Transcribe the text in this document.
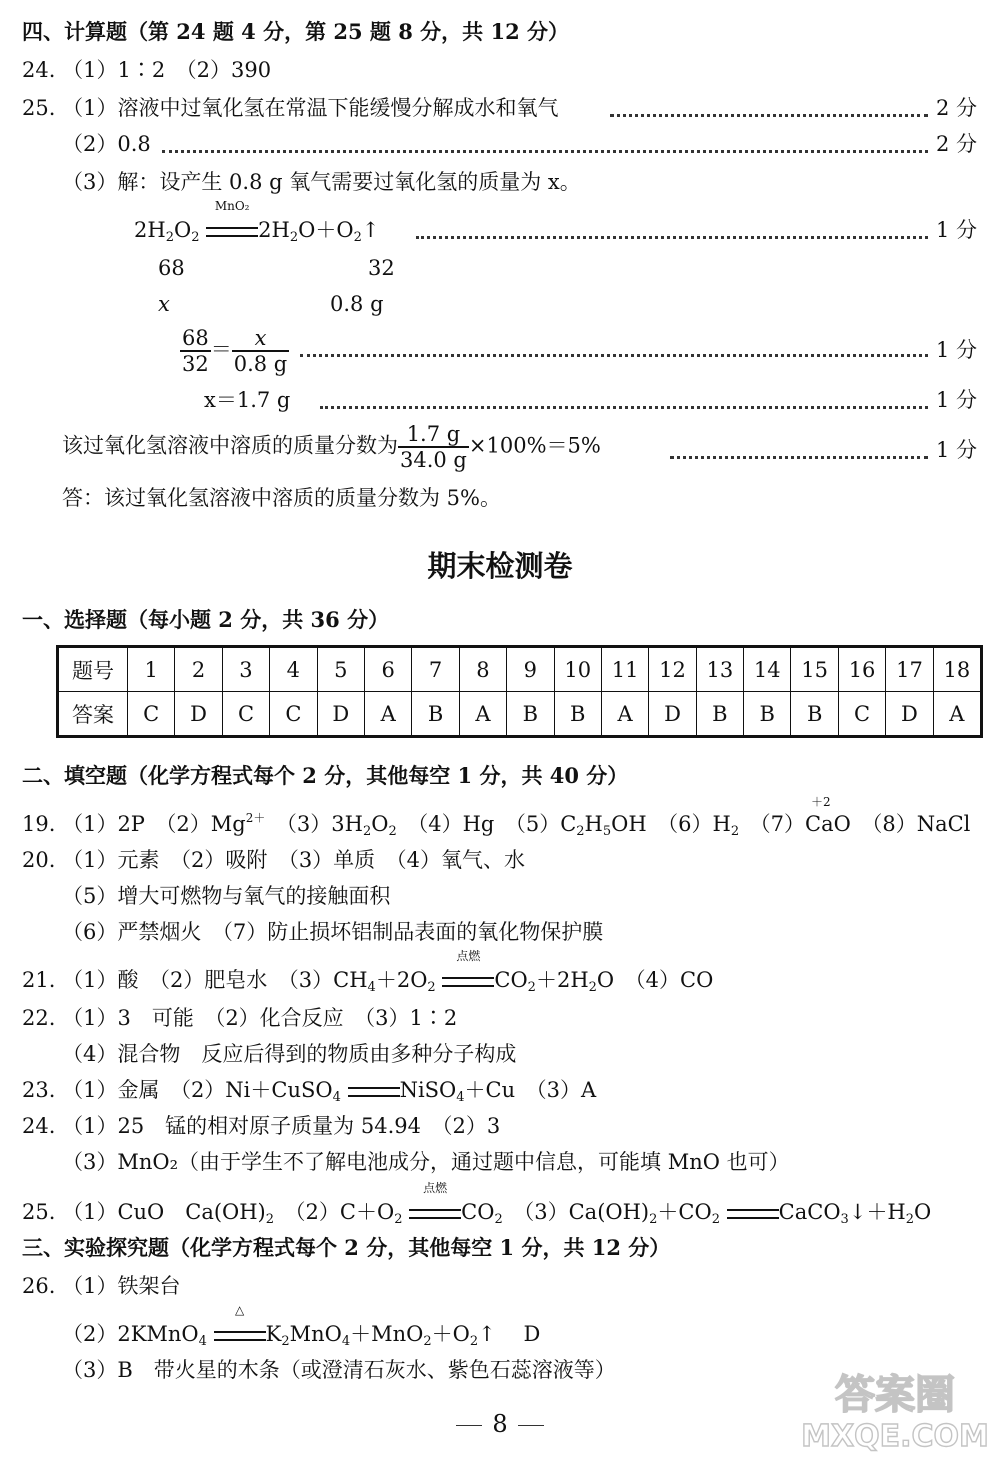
四、计算题（第 24 题 4 分，第 25 题 8 分，共 12 分）
24. （1）1∶2　（2）390
25. （1）溶液中过氧化氢在常温下能缓慢分解成水和氧气	2 分
（2）0.8	2 分
（3）解：设产生 0.8 g 氧气需要过氧化氢的质量为 x。
$2H_2O_2$
MnO₂
$2H_2O+O_2↑$	1 分
68	32
x	0.8 g
$\frac{68}{32} = \frac{x}{0.8 g}$	1 分
x＝1.7 g	1 分
该过氧化氢溶液中溶质的质量分数为 $\frac{1.7 g}{34.0 g} \times 100\%=5\%$	1 分
答：该过氧化氢溶液中溶质的质量分数为 5%。
期末检测卷
一、选择题（每小题 2 分，共 36 分）
题号	1	2	3	4	5	6	7	8	9	10	11	12	13	14	15	16	17	18
答案	C	D	C	C	D	A	B	A	B	B	A	D	B	B	B	C	D	A
二、填空题（化学方程式每个 2 分，其他每空 1 分，共 40 分）
19. （1）2P　$(2)Mg^{2+}$　$(3)3H_2O_2$　（4）Hg　$(5)C_2H_5OH$　$(6)H_2$　（7）
＋2
CaO　（8）NaCl
20. （1）元素　（2）吸附　（3）单质　（4）氧气、水
（5）增大可燃物与氧气的接触面积
（6）严禁烟火　（7）防止损坏铝制品表面的氧化物保护膜
21. （1）酸　（2）肥皂水　$(3)CH_4+2O_2$
点燃
$CO_2+2H_2O$　（4）CO
22. （1）3　可能　（2）化合反应　（3）1∶2
（4）混合物　反应后得到的物质由多种分子构成
23. （1）金属　（2）Ni＋CuSO$_4$	NiSO$_4$＋Cu　（3）A
24. （1）25　锰的相对原子质量为 54.94　（2）3
（3）MnO₂（由于学生不了解电池成分，通过题中信息，可能填 MnO 也可）
25. （1）CuO　$Ca(OH)_2$　$(2)C+O_2$
点燃
$CO_2$　$(3)Ca(OH)_2+CO_2$	$CaCO_3↓+H_2O$
三、实验探究题（化学方程式每个 2 分，其他每空 1 分，共 12 分）
26. （1）铁架台
（2）2KMnO$_4$
△
$K_2MnO_4+MnO_2+O_2↑$　 D
（3）B　带火星的木条（或澄清石灰水、紫色石蕊溶液等）
8
答案圈
MXQE.COM
